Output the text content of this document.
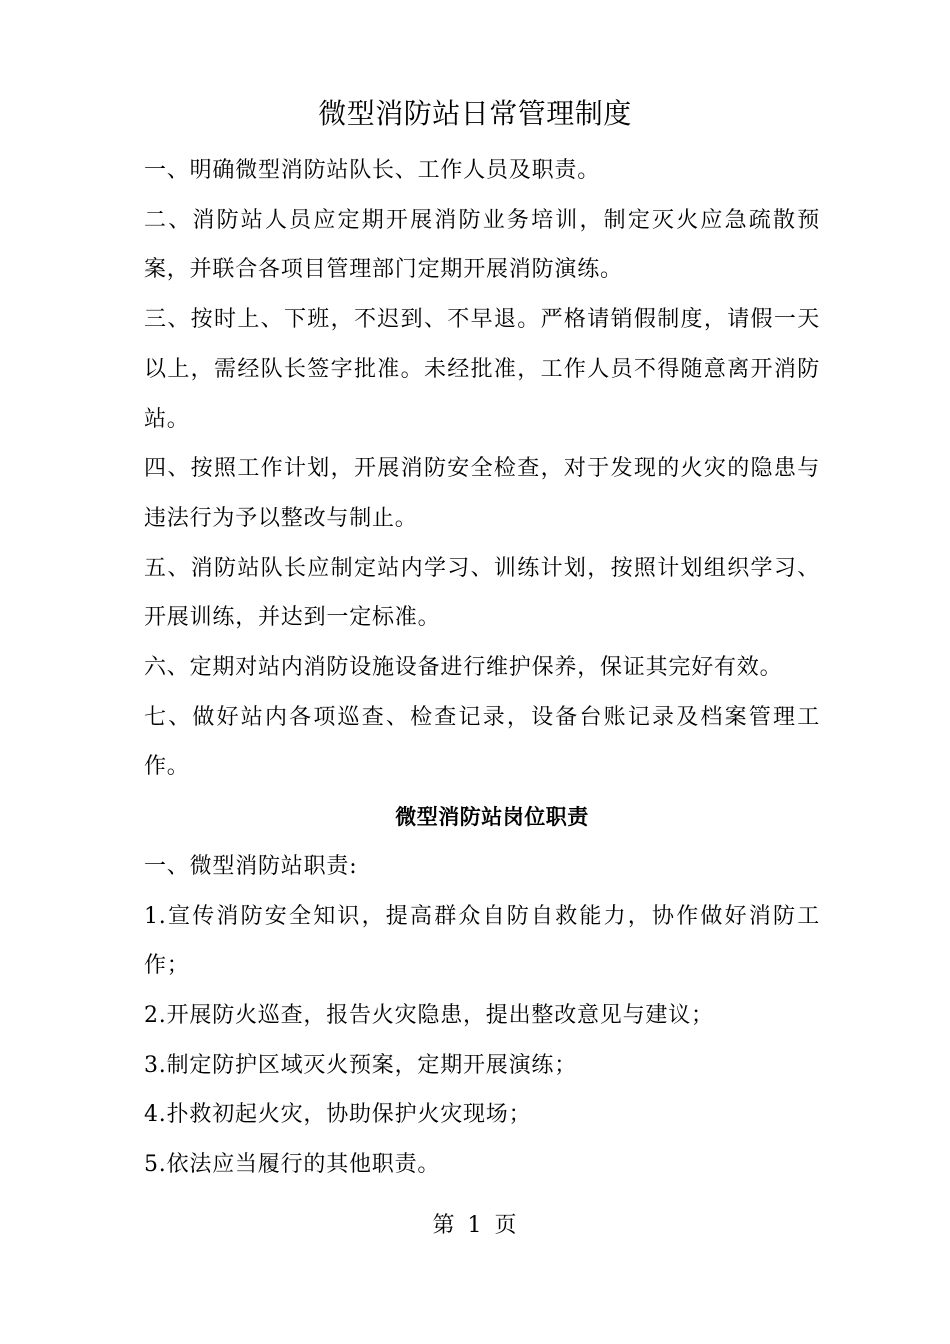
微型消防站日常管理制度

一、明确微型消防站队长、工作人员及职责。

二、消防站人员应定期开展消防业务培训，制定灭火应急疏散预案，并联合各项目管理部门定期开展消防演练。

三、按时上、下班，不迟到、不早退。严格请销假制度，请假一天以上，需经队长签字批准。未经批准，工作人员不得随意离开消防站。

四、按照工作计划，开展消防安全检查，对于发现的火灾的隐患与违法行为予以整改与制止。

五、消防站队长应制定站内学习、训练计划，按照计划组织学习、开展训练，并达到一定标准。

六、定期对站内消防设施设备进行维护保养，保证其完好有效。

七、做好站内各项巡查、检查记录，设备台账记录及档案管理工作。

微型消防站岗位职责

一、微型消防站职责:

1.宣传消防安全知识，提高群众自防自救能力，协作做好消防工作；

2.开展防火巡查，报告火灾隐患，提出整改意见与建议；

3.制定防护区域灭火预案，定期开展演练；

4.扑救初起火灾，协助保护火灾现场；

5.依法应当履行的其他职责。

第 1 页
